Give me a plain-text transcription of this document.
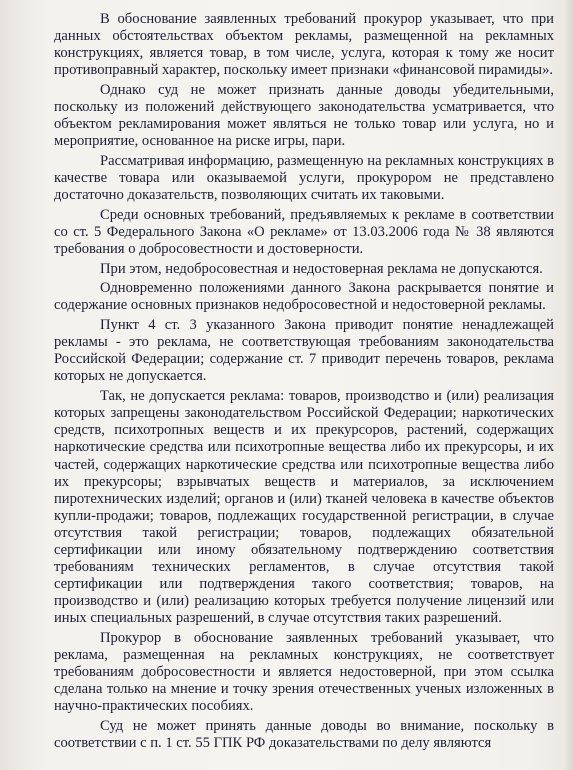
В обоснование заявленных требований прокурор указывает, что при данных обстоятельствах объектом рекламы, размещенной на рекламных конструкциях, является товар, в том числе, услуга, которая к тому же носит противоправный характер, поскольку имеет признаки «финансовой пирамиды».

Однако суд не может признать данные доводы убедительными, поскольку из положений действующего законодательства усматривается, что объектом рекламирования может являться не только товар или услуга, но и мероприятие, основанное на риске игры, пари.

Рассматривая информацию, размещенную на рекламных конструкциях в качестве товара или оказываемой услуги, прокурором не представлено достаточно доказательств, позволяющих считать их таковыми.

Среди основных требований, предъявляемых к рекламе в соответствии со ст. 5 Федерального Закона «О рекламе» от 13.03.2006 года № 38 являются требования о добросовестности и достоверности.

При этом, недобросовестная и недостоверная реклама не допускаются.

Одновременно положениями данного Закона раскрывается понятие и содержание основных признаков недобросовестной и недостоверной рекламы.

Пункт 4 ст. 3 указанного Закона приводит понятие ненадлежащей рекламы - это реклама, не соответствующая требованиям законодательства Российской Федерации; содержание ст. 7 приводит перечень товаров, реклама которых не допускается.

Так, не допускается реклама: товаров, производство и (или) реализация которых запрещены законодательством Российской Федерации; наркотических средств, психотропных веществ и их прекурсоров, растений, содержащих наркотические средства или психотропные вещества либо их прекурсоры, и их частей, содержащих наркотические средства или психотропные вещества либо их прекурсоры; взрывчатых веществ и материалов, за исключением пиротехнических изделий; органов и (или) тканей человека в качестве объектов купли-продажи; товаров, подлежащих государственной регистрации, в случае отсутствия такой регистрации; товаров, подлежащих обязательной сертификации или иному обязательному подтверждению соответствия требованиям технических регламентов, в случае отсутствия такой сертификации или подтверждения такого соответствия; товаров, на производство и (или) реализацию которых требуется получение лицензий или иных специальных разрешений, в случае отсутствия таких разрешений.

Прокурор в обоснование заявленных требований указывает, что реклама, размещенная на рекламных конструкциях, не соответствует требованиям добросовестности и является недостоверной, при этом ссылка сделана только на мнение и точку зрения отечественных ученых изложенных в научно-практических пособиях.

Суд не может принять данные доводы во внимание, поскольку в соответствии с п. 1 ст. 55 ГПК РФ доказательствами по делу являются
